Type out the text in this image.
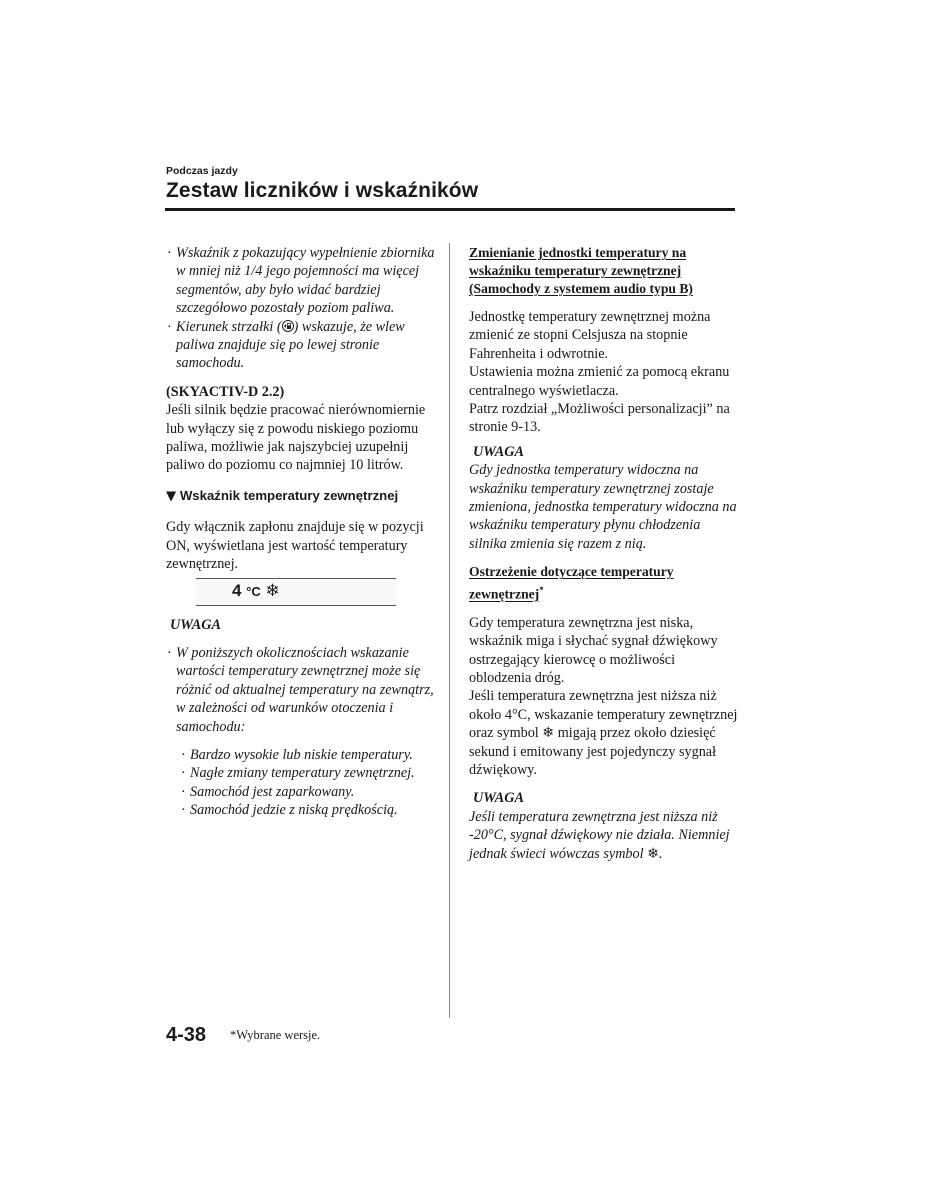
Podczas jazdy
Zestaw liczników i wskaźników
· Wskaźnik z pokazujący wypełnienie zbiornika w mniej niż 1/4 jego pojemności ma więcej segmentów, aby było widać bardziej szczegółowo pozostały poziom paliwa.
· Kierunek strzałki ( ) wskazuje, że wlew paliwa znajduje się po lewej stronie samochodu.
(SKYACTIV-D 2.2)
Jeśli silnik będzie pracować nierównomiernie lub wyłączy się z powodu niskiego poziomu paliwa, możliwie jak najszybciej uzupełnij paliwo do poziomu co najmniej 10 litrów.
▼ Wskaźnik temperatury zewnętrznej
Gdy włącznik zapłonu znajduje się w pozycji ON, wyświetlana jest wartość temperatury zewnętrznej.
4 °C ❄
UWAGA
· W poniższych okolicznościach wskazanie wartości temperatury zewnętrznej może się różnić od aktualnej temperatury na zewnątrz, w zależności od warunków otoczenia i samochodu:
· Bardzo wysokie lub niskie temperatury.
· Nagłe zmiany temperatury zewnętrznej.
· Samochód jest zaparkowany.
· Samochód jedzie z niską prędkością.
Zmienianie jednostki temperatury na wskaźniku temperatury zewnętrznej (Samochody z systemem audio typu B)
Jednostkę temperatury zewnętrznej można zmienić ze stopni Celsjusza na stopnie Fahrenheita i odwrotnie.
Ustawienia można zmienić za pomocą ekranu centralnego wyświetlacza.
Patrz rozdział „Możliwości personalizacji” na stronie 9-13.
UWAGA
Gdy jednostka temperatury widoczna na wskaźniku temperatury zewnętrznej zostaje zmieniona, jednostka temperatury widoczna na wskaźniku temperatury płynu chłodzenia silnika zmienia się razem z nią.
Ostrzeżenie dotyczące temperatury zewnętrznej*
Gdy temperatura zewnętrzna jest niska, wskaźnik miga i słychać sygnał dźwiękowy ostrzegający kierowcę o możliwości oblodzenia dróg.
Jeśli temperatura zewnętrzna jest niższa niż około 4°C, wskazanie temperatury zewnętrznej oraz symbol ❄ migają przez około dziesięć sekund i emitowany jest pojedynczy sygnał dźwiękowy.
UWAGA
Jeśli temperatura zewnętrzna jest niższa niż -20°C, sygnał dźwiękowy nie działa. Niemniej jednak świeci wówczas symbol ❄.
4-38 *Wybrane wersje.
